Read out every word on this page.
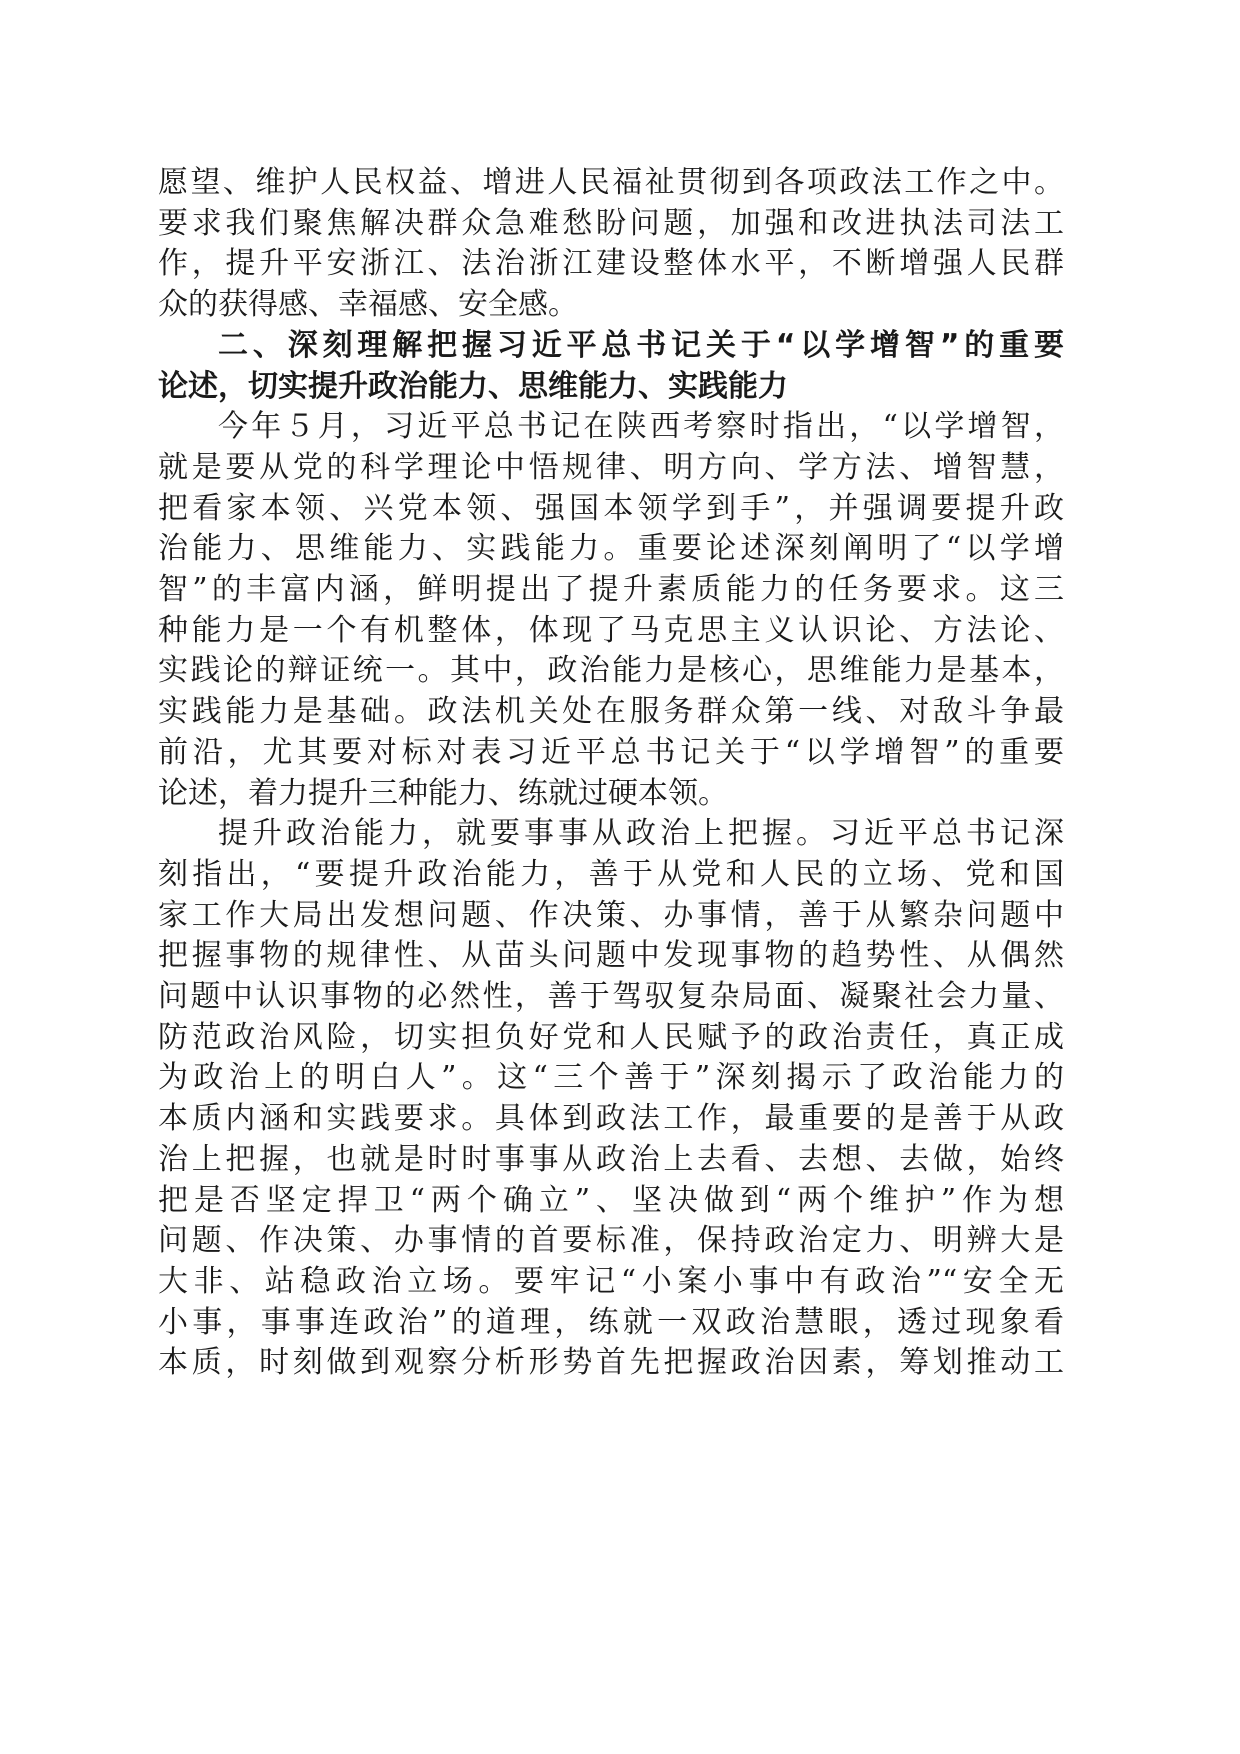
愿望、维护人民权益、增进人民福祉贯彻到各项政法工作之中。
要求我们聚焦解决群众急难愁盼问题，加强和改进执法司法工
作，提升平安浙江、法治浙江建设整体水平，不断增强人民群
众的获得感、幸福感、安全感。
二、深刻理解把握习近平总书记关于“以学增智”的重要
论述，切实提升政治能力、思维能力、实践能力
今年５月，习近平总书记在陕西考察时指出，“以学增智，
就是要从党的科学理论中悟规律、明方向、学方法、增智慧，
把看家本领、兴党本领、强国本领学到手”，并强调要提升政
治能力、思维能力、实践能力。重要论述深刻阐明了“以学增
智”的丰富内涵，鲜明提出了提升素质能力的任务要求。这三
种能力是一个有机整体，体现了马克思主义认识论、方法论、
实践论的辩证统一。其中，政治能力是核心，思维能力是基本，
实践能力是基础。政法机关处在服务群众第一线、对敌斗争最
前沿，尤其要对标对表习近平总书记关于“以学增智”的重要
论述，着力提升三种能力、练就过硬本领。
提升政治能力，就要事事从政治上把握。习近平总书记深
刻指出，“要提升政治能力，善于从党和人民的立场、党和国
家工作大局出发想问题、作决策、办事情，善于从繁杂问题中
把握事物的规律性、从苗头问题中发现事物的趋势性、从偶然
问题中认识事物的必然性，善于驾驭复杂局面、凝聚社会力量、
防范政治风险，切实担负好党和人民赋予的政治责任，真正成
为政治上的明白人”。这“三个善于”深刻揭示了政治能力的
本质内涵和实践要求。具体到政法工作，最重要的是善于从政
治上把握，也就是时时事事从政治上去看、去想、去做，始终
把是否坚定捍卫“两个确立”、坚决做到“两个维护”作为想
问题、作决策、办事情的首要标准，保持政治定力、明辨大是
大非、站稳政治立场。要牢记“小案小事中有政治”“安全无
小事，事事连政治”的道理，练就一双政治慧眼，透过现象看
本质，时刻做到观察分析形势首先把握政治因素，筹划推动工
